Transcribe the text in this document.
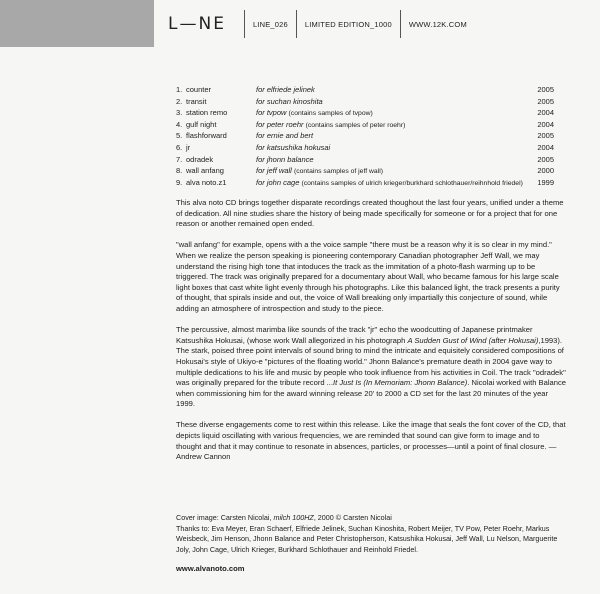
L—NE	LINE_026 LIMITED EDITION_1000 WWW.12K.COM
1.	counter	for elfriede jelinek	2005
2.	transit	for suchan kinoshita	2005
3.	station remo	for tvpow (contains samples of tvpow)	2004
4.	gulf night	for peter roehr (contains samples of peter roehr)	2004
5.	flashforward	for ernie and bert	2005
6.	jr	for katsushika hokusai	2004
7.	odradek	for jhonn balance	2005
8.	wall anfang	for jeff wall (contains samples of jeff wall)	2000
9.	alva noto.z1	for john cage (contains samples of ulrich krieger/burkhard schlothauer/reihnhold friedel)	1999

This alva noto CD brings together disparate recordings created thoughout the last four years, unified under a theme of dedication. All nine studies share the history of being made specifically for someone or for a project that for one reason or another remained open ended.

"wall anfang" for example, opens with a the voice sample "there must be a reason why it is so clear in my mind." When we realize the person speaking is pioneering contemporary Canadian photographer Jeff Wall, we may understand the rising high tone that intoduces the track as the immitation of a photo-flash warming up to be triggered. The track was originally prepared for a documentary about Wall, who became famous for his large scale light boxes that cast white light evenly through his photographs. Like this balanced light, the track presents a purity of thought, that spirals inside and out, the voice of Wall breaking only impartially this conjecture of sound, while adding an atmosphere of introspection and study to the piece.

The percussive, almost marimba like sounds of the track "jr" echo the woodcutting of Japanese printmaker Katsushika Hokusai, (whose work Wall allegorized in his photograph A Sudden Gust of Wind (after Hokusai),1993). The stark, poised three point intervals of sound bring to mind the intricate and equisitely considered compositions of Hokusai's style of Ukiyo-e "pictures of the floating world." Jhonn Balance's premature death in 2004 gave way to multiple dedications to his life and music by people who took influence from his activities in Coil. The track "odradek" was originally prepared for the tribute record ...It Just Is (In Memoriam: Jhonn Balance). Nicolai worked with Balance when commissioning him for the award winning release 20' to 2000 a CD set for the last 20 minutes of the year 1999.

These diverse engagements come to rest within this release. Like the image that seals the font cover of the CD, that depicts liquid oscillating with various frequencies, we are reminded that sound can give form to image and to thought and that it may continue to resonate in absences, particles, or processes—until a point of final closure. — Andrew Cannon

Cover image: Carsten Nicolai, milch 100HZ, 2000 © Carsten Nicolai

Thanks to: Eva Meyer, Eran Schaerf, Elfriede Jelinek, Suchan Kinoshita, Robert Meijer, TV Pow, Peter Roehr, Markus Weisbeck, Jim Henson, Jhonn Balance and Peter Christopherson, Katsushika Hokusai, Jeff Wall, Lu Nelson, Marguerite Joly, John Cage, Ulrich Krieger, Burkhard Schlothauer and Reinhold Friedel.

www.alvanoto.com
